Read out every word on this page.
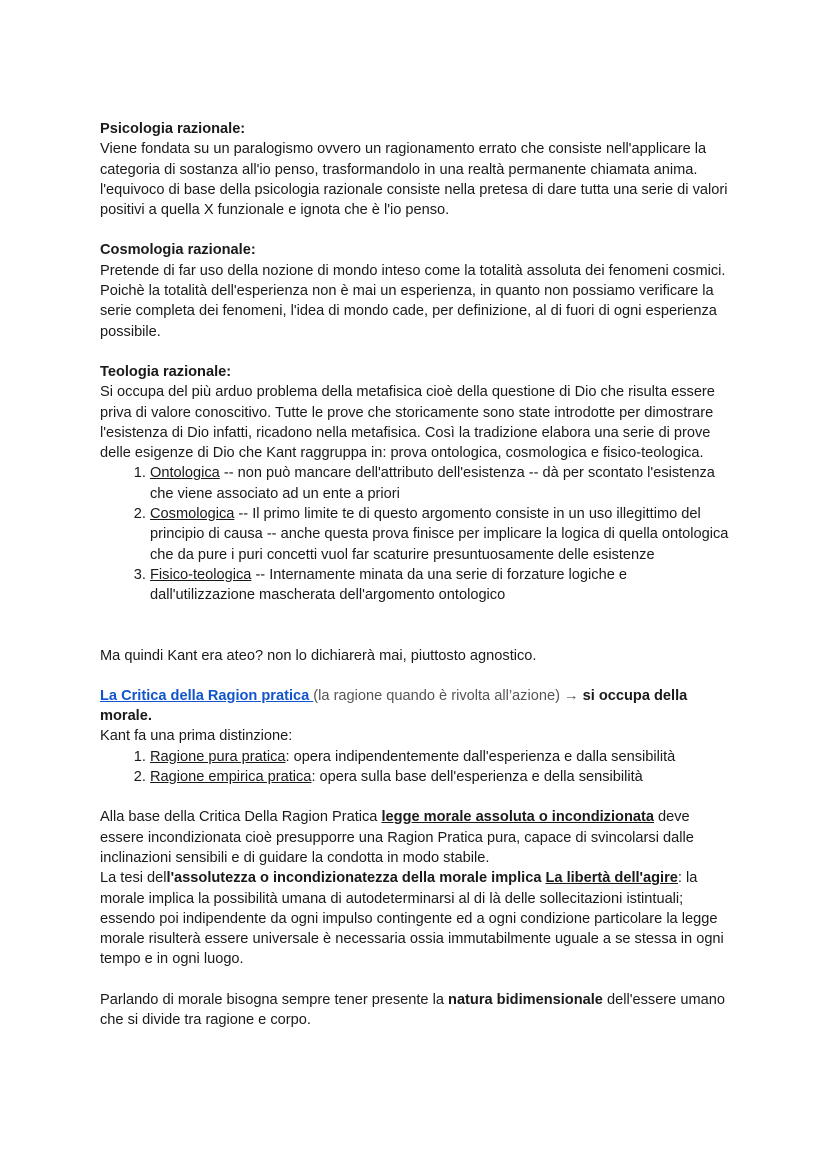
Psicologia razionale:

Viene fondata su un paralogismo ovvero un ragionamento errato che consiste nell'applicare la categoria di sostanza all'io penso, trasformandolo in una realtà permanente chiamata anima. l'equivoco di base della psicologia razionale consiste nella pretesa di dare tutta una serie di valori positivi a quella X funzionale e ignota che è l'io penso.

Cosmologia razionale:

Pretende di far uso della nozione di mondo inteso come la totalità assoluta dei fenomeni cosmici. Poichè la totalità dell'esperienza non è mai un esperienza, in quanto non possiamo verificare la serie completa dei fenomeni, l'idea di mondo cade, per definizione, al di fuori di ogni esperienza possibile.

Teologia razionale:

Si occupa del più arduo problema della metafisica cioè della questione di Dio che risulta essere priva di valore conoscitivo. Tutte le prove che storicamente sono state introdotte per dimostrare l'esistenza di Dio infatti, ricadono nella metafisica. Così la tradizione elabora una serie di prove delle esigenze di Dio che Kant raggruppa in: prova ontologica, cosmologica e fisico-teologica.

1. Ontologica -- non può mancare dell'attributo dell'esistenza -- dà per scontato l'esistenza che viene associato ad un ente a priori
2. Cosmologica -- Il primo limite te di questo argomento consiste in un uso illegittimo del principio di causa -- anche questa prova finisce per implicare la logica di quella ontologica che da pure i puri concetti vuol far scaturire presuntuosamente delle esistenze
3. Fisico-teologica -- Internamente minata da una serie di forzature logiche e dall'utilizzazione mascherata dell'argomento ontologico

Ma quindi Kant era ateo? non lo dichiarerà mai, piuttosto agnostico.

La Critica della Ragion pratica (la ragione quando è rivolta all’azione) → si occupa della morale.

Kant fa una prima distinzione:

1. Ragione pura pratica: opera indipendentemente dall'esperienza e dalla sensibilità
2. Ragione empirica pratica: opera sulla base dell'esperienza e della sensibilità

Alla base della Critica Della Ragion Pratica legge morale assoluta o incondizionata deve essere incondizionata cioè presupporre una Ragion Pratica pura, capace di svincolarsi dalle inclinazioni sensibili e di guidare la condotta in modo stabile.

La tesi dell'assolutezza o incondizionatezza della morale implica La libertà dell'agire: la morale implica la possibilità umana di autodeterminarsi al di là delle sollecitazioni istintuali; essendo poi indipendente da ogni impulso contingente ed a ogni condizione particolare la legge morale risulterà essere universale è necessaria ossia immutabilmente uguale a se stessa in ogni tempo e in ogni luogo.

Parlando di morale bisogna sempre tener presente la natura bidimensionale dell'essere umano che si divide tra ragione e corpo.
